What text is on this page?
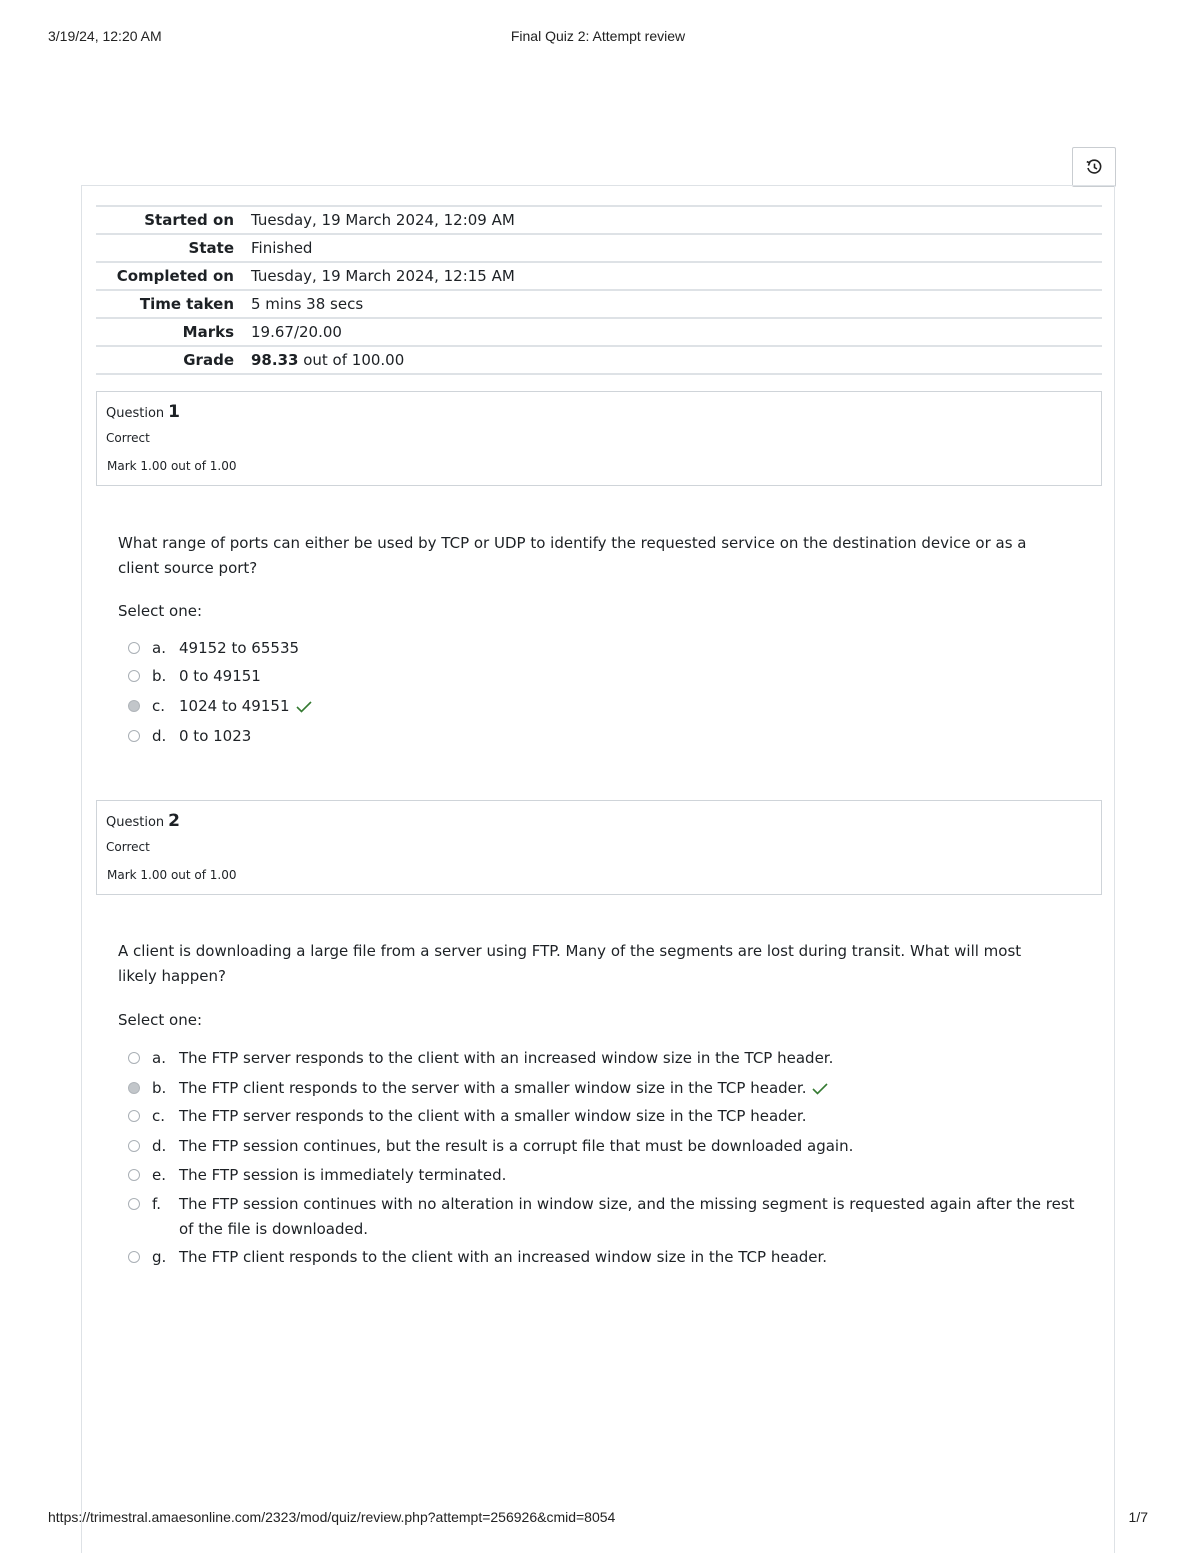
3/19/24, 12:20 AM	Final Quiz 2: Attempt review
Started on	Tuesday, 19 March 2024, 12:09 AM
State	Finished
Completed on	Tuesday, 19 March 2024, 12:15 AM
Time taken	5 mins 38 secs
Marks	19.67/20.00
Grade	98.33 out of 100.00
Question 1
Correct
Mark 1.00 out of 1.00
What range of ports can either be used by TCP or UDP to identify the requested service on the destination device or as a client source port?
Select one:
a. 49152 to 65535
b. 0 to 49151
c. 1024 to 49151
d. 0 to 1023
Question 2
Correct
Mark 1.00 out of 1.00
A client is downloading a large file from a server using FTP. Many of the segments are lost during transit. What will most likely happen?
Select one:
a. The FTP server responds to the client with an increased window size in the TCP header.
b. The FTP client responds to the server with a smaller window size in the TCP header.
c. The FTP server responds to the client with a smaller window size in the TCP header.
d. The FTP session continues, but the result is a corrupt file that must be downloaded again.
e. The FTP session is immediately terminated.
f.	The FTP session continues with no alteration in window size, and the missing segment is requested again after the rest of the file is downloaded.
g. The FTP client responds to the client with an increased window size in the TCP header.
https://trimestral.amaesonline.com/2323/mod/quiz/review.php?attempt=256926&cmid=8054	1/7
